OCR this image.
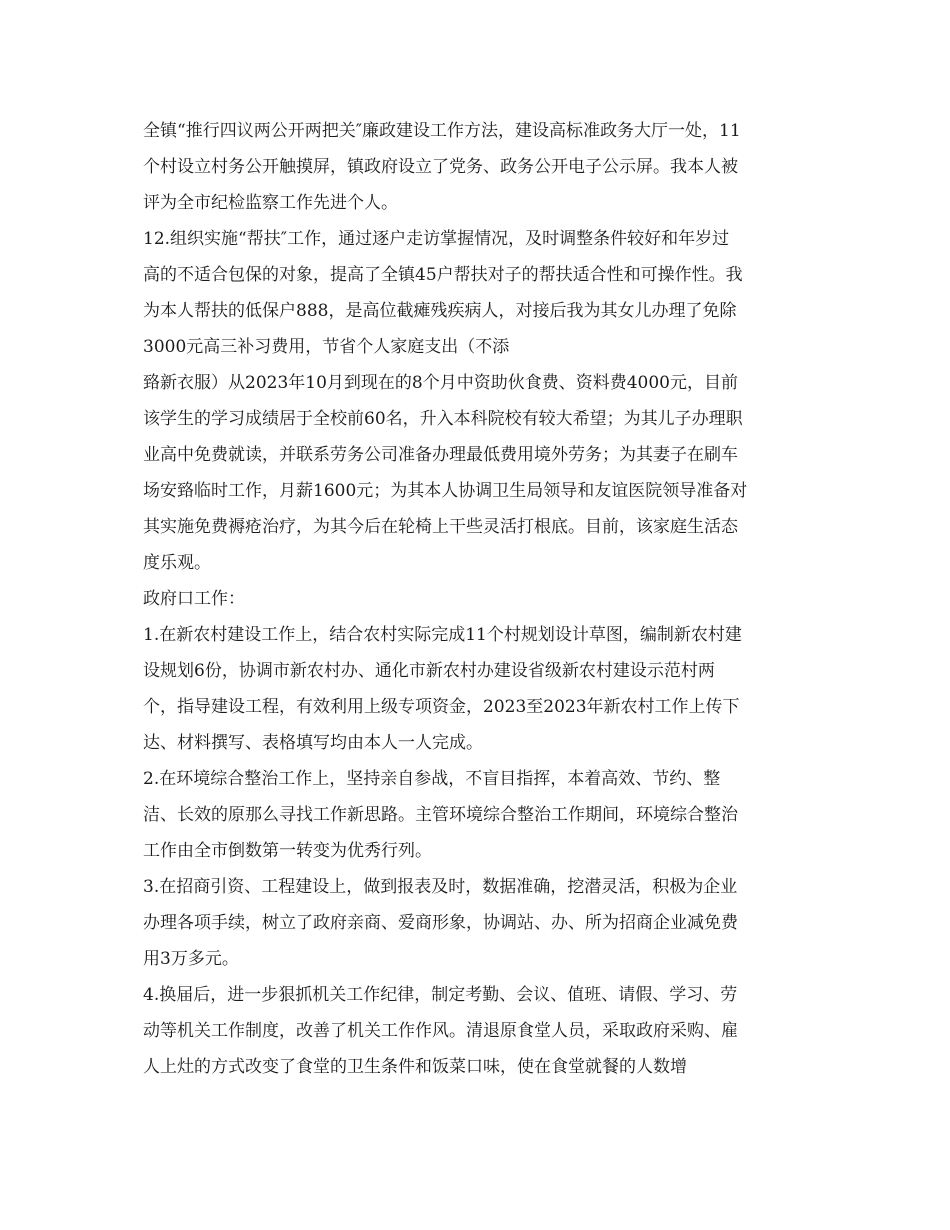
全镇“推行四议两公开两把关″廉政建设工作方法，建设高标准政务大厅一处，11
个村设立村务公开触摸屏，镇政府设立了党务、政务公开电子公示屏。我本人被
评为全市纪检监察工作先进个人。
12.组织实施“帮扶″工作，通过逐户走访掌握情况，及时调整条件较好和年岁过
高的不适合包保的对象，提高了全镇45户帮扶对子的帮扶适合性和可操作性。我
为本人帮扶的低保户888，是高位截瘫残疾病人，对接后我为其女儿办理了免除
3000元高三补习费用，节省个人家庭支出（不添
臵新衣服）从2023年10月到现在的8个月中资助伙食费、资料费4000元，目前
该学生的学习成绩居于全校前60名，升入本科院校有较大希望；为其儿子办理职
业高中免费就读，并联系劳务公司准备办理最低费用境外劳务；为其妻子在刷车
场安臵临时工作，月薪1600元；为其本人协调卫生局领导和友谊医院领导准备对
其实施免费褥疮治疗，为其今后在轮椅上干些灵活打根底。目前，该家庭生活态
度乐观。
政府口工作：
1.在新农村建设工作上，结合农村实际完成11个村规划设计草图，编制新农村建
设规划6份，协调市新农村办、通化市新农村办建设省级新农村建设示范村两
个，指导建设工程，有效利用上级专项资金，2023至2023年新农村工作上传下
达、材料撰写、表格填写均由本人一人完成。
2.在环境综合整治工作上，坚持亲自参战，不盲目指挥，本着高效、节约、整
洁、长效的原那么寻找工作新思路。主管环境综合整治工作期间，环境综合整治
工作由全市倒数第一转变为优秀行列。
3.在招商引资、工程建设上，做到报表及时，数据准确，挖潜灵活，积极为企业
办理各项手续，树立了政府亲商、爱商形象，协调站、办、所为招商企业减免费
用3万多元。
4.换届后，进一步狠抓机关工作纪律，制定考勤、会议、值班、请假、学习、劳
动等机关工作制度，改善了机关工作作风。清退原食堂人员，采取政府采购、雇
人上灶的方式改变了食堂的卫生条件和饭菜口味，使在食堂就餐的人数增
